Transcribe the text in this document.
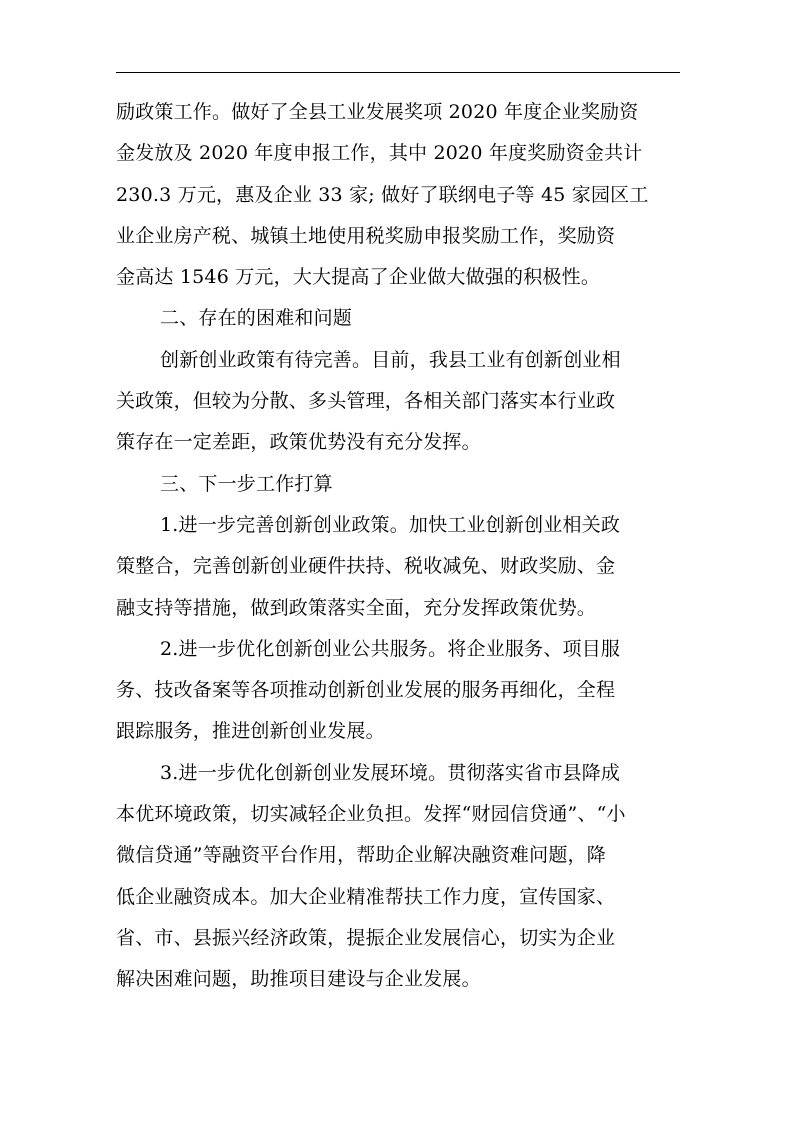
励政策工作。做好了全县工业发展奖项 2020 年度企业奖励资
金发放及 2020 年度申报工作，其中 2020 年度奖励资金共计
230.3 万元，惠及企业 33 家; 做好了联纲电子等 45 家园区工
业企业房产税、城镇土地使用税奖励申报奖励工作，奖励资
金高达 1546 万元，大大提高了企业做大做强的积极性。
二、存在的困难和问题
创新创业政策有待完善。目前，我县工业有创新创业相
关政策，但较为分散、多头管理，各相关部门落实本行业政
策存在一定差距，政策优势没有充分发挥。
三、下一步工作打算
1.进一步完善创新创业政策。加快工业创新创业相关政
策整合，完善创新创业硬件扶持、税收减免、财政奖励、金
融支持等措施，做到政策落实全面，充分发挥政策优势。
2.进一步优化创新创业公共服务。将企业服务、项目服
务、技改备案等各项推动创新创业发展的服务再细化，全程
跟踪服务，推进创新创业发展。
3.进一步优化创新创业发展环境。贯彻落实省市县降成
本优环境政策，切实减轻企业负担。发挥“财园信贷通”、“小
微信贷通”等融资平台作用，帮助企业解决融资难问题，降
低企业融资成本。加大企业精准帮扶工作力度，宣传国家、
省、市、县振兴经济政策，提振企业发展信心，切实为企业
解决困难问题，助推项目建设与企业发展。
